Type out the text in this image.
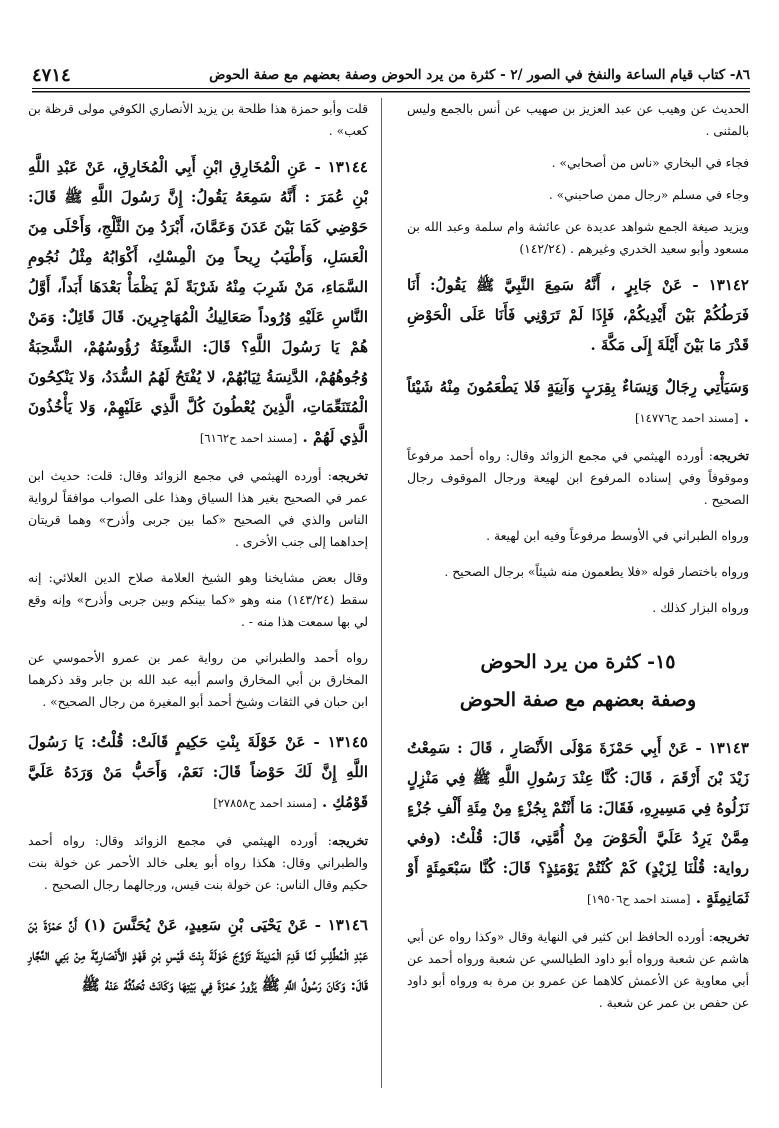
٨٦- كتاب قيام الساعة والنفخ في الصور /٢ - كثرة من يرد الحوض وصفة بعضهم مع صفة الحوض
٤٧١٤

الحديث عن وهيب عن عبد العزيز بن صهيب عن أنس بالجمع وليس بالمثنى .

فجاء في البخاري «ناس من أصحابي» .

وجاء في مسلم «رجال ممن صاحبني» .

ويزيد صيغة الجمع شواهد عديدة عن عائشة وام سلمة وعبد الله بن مسعود وأبو سعيد الخدري وغيرهم . (١٤٢/٢٤)

١٣١٤٢ - عَنْ جَابِرٍ ، أَنَّهُ سَمِعَ النَّبِيَّ ﷺ يَقُولُ: أَنَا فَرَطُكُمْ بَيْنَ أَيْدِيكُمْ، فَإِذَا لَمْ تَرَوْنِي فَأَنَا عَلَى الْحَوْضِ قَدْرَ مَا بَيْنَ أَيْلَةَ إِلَى مَكَّةَ .

وَسَيَأْتِي رِجَالٌ وَنِسَاءٌ بِقِرَبٍ وَآنِيَةٍ فَلا يَطْعَمُونَ مِنْهُ شَيْئاً . [مسند احمد ح١٤٧٧٦]

تخريجه: أورده الهيثمي في مجمع الزوائد وقال: رواه أحمد مرفوعاً وموقوفاً وفي إسناده المرفوع ابن لهيعة ورجال الموقوف رجال الصحيح .

ورواه الطبراني في الأوسط مرفوعاً وفيه ابن لهيعة .

ورواه باختصار قوله «فلا يطعمون منه شيئاً» برجال الصحيح .

ورواه البزار كذلك .

١٥- كثرة من يرد الحوض
وصفة بعضهم مع صفة الحوض

١٣١٤٣ - عَنْ أَبِي حَمْزَةَ مَوْلَى الأَنْصَارِ ، قَالَ : سَمِعْتُ زَيْدَ بْنَ أَرْقَمَ ، قَالَ: كُنَّا عِنْدَ رَسُولِ اللَّهِ ﷺ فِي مَنْزِلٍ نَزَلُوهُ فِي مَسِيرِهِ، فَقَالَ: مَا أَنْتُمْ بِجُزْءٍ مِنْ مِئَةِ أَلْفِ جُزْءٍ مِمَّنْ يَرِدُ عَلَيَّ الْحَوْضَ مِنْ أُمَّتِي، قَالَ: قُلْتُ: (وفي رواية: قُلْنَا لِزَيْدٍ) كَمْ كُنْتُمْ يَوْمَئِذٍ؟ قَالَ: كُنَّا سَبْعَمِئَةٍ أَوْ ثَمَانِمِئَةٍ . [مسند احمد ح١٩٥٠٦]

تخريجه: أورده الحافظ ابن كثير في النهاية وقال «وكذا رواه عن أبي هاشم عن شعبة ورواه أبو داود الطيالسي عن شعبة ورواه أحمد عن أبي معاوية عن الأعمش كلاهما عن عمرو بن مرة به ورواه أبو داود عن حفص بن عمر عن شعبة .

قلت وأبو حمزة هذا طلحة بن يزيد الأنصاري الكوفي مولى قرظة بن كعب» .

١٣١٤٤ - عَنِ الْمُخَارِقِ ابْنِ أَبِي الْمُخَارِقِ، عَنْ عَبْدِ اللَّهِ بْنِ عُمَرَ : أَنَّهُ سَمِعَهُ يَقُولُ: إِنَّ رَسُولَ اللَّهِ ﷺ قَالَ: حَوْضِي كَمَا بَيْنَ عَدَنَ وَعَمَّانَ، أَبْرَدُ مِنَ الثَّلْجِ، وَأَحْلَى مِنَ الْعَسَلِ، وَأَطْيَبُ رِيحاً مِنَ الْمِسْكِ، أَكْوَابُهُ مِثْلُ نُجُومِ السَّمَاءِ، مَنْ شَرِبَ مِنْهُ شَرْبَةً لَمْ يَظْمَأْ بَعْدَهَا أَبَداً، أَوَّلُ النَّاسِ عَلَيْهِ وُرُوداً صَعَالِيكُ الْمُهَاجِرِينَ. قَالَ قَائِلٌ: وَمَنْ هُمْ يَا رَسُولَ اللَّهِ؟ قَالَ: الشَّعِثَةُ رُؤُوسُهُمْ، الشَّحِبَةُ وُجُوهُهُمْ، الدَّنِسَةُ ثِيَابُهُمْ، لا يُفْتَحُ لَهُمُ السُّدَدُ، وَلا يَنْكِحُونَ الْمُتَنَعِّمَاتِ، الَّذِينَ يُعْطُونَ كُلَّ الَّذِي عَلَيْهِمْ، وَلا يَأْخُذُونَ الَّذِي لَهُمْ . [مسند احمد ح٦١٦٢]

تخريجه: أورده الهيثمي في مجمع الزوائد وقال: قلت: حديث ابن عمر في الصحيح بغير هذا السياق وهذا على الصواب موافقاً لرواية الناس والذي في الصحيح «كما بين جربى وأذرح» وهما قريتان إحداهما إلى جنب الأخرى .

وقال بعض مشايخنا وهو الشيخ العلامة صلاح الدين العلائي: إنه سقط (١٤٣/٢٤) منه وهو «كما بينكم وبين جربى وأذرح» وإنه وقع لي بها سمعت هذا منه - .

رواه أحمد والطبراني من رواية عمر بن عمرو الأحموسي عن المخارق بن أبي المخارق واسم أبيه عبد الله بن جابر وقد ذكرهما ابن حبان في الثقات وشيخ أحمد أبو المغيرة من رجال الصحيح» .

١٣١٤٥ - عَنْ خَوْلَةَ بِنْتِ حَكِيمٍ قَالَتْ: قُلْتُ: يَا رَسُولَ اللَّهِ إِنَّ لَكَ حَوْضاً قَالَ: نَعَمْ، وَأَحَبُّ مَنْ وَرَدَهُ عَلَيَّ قَوْمُكِ . [مسند احمد ح٢٧٨٥٨]

تخريجه: أورده الهيثمي في مجمع الزوائد وقال: رواه أحمد والطبراني وقال: هكذا رواه أبو يعلى خالد الأحمر عن خولة بنت حكيم وقال الناس: عن خولة بنت قيس، ورجالهما رجال الصحيح .

١٣١٤٦ - عَنْ يَحْيَى بْنِ سَعِيدٍ، عَنْ يُحَنَّسَ (١) أَنَّ حَمْزَةَ بْنَ عَبْدِ الْمُطَّلِبِ لَمَّا قَدِمَ الْمَدِينَةَ تَزَوَّجَ خَوْلَةَ بِنْتَ قَيْسِ بْنِ قَهْدٍ الأَنْصَارِيَّةَ مِنْ بَنِي النَّجَّارِ قَالَ: وَكَانَ رَسُولُ اللَّهِ ﷺ يَزُورُ حَمْزَةَ فِي بَيْتِهَا وَكَانَتْ تُحَدِّثُهُ عَنْهُ ﷺ
